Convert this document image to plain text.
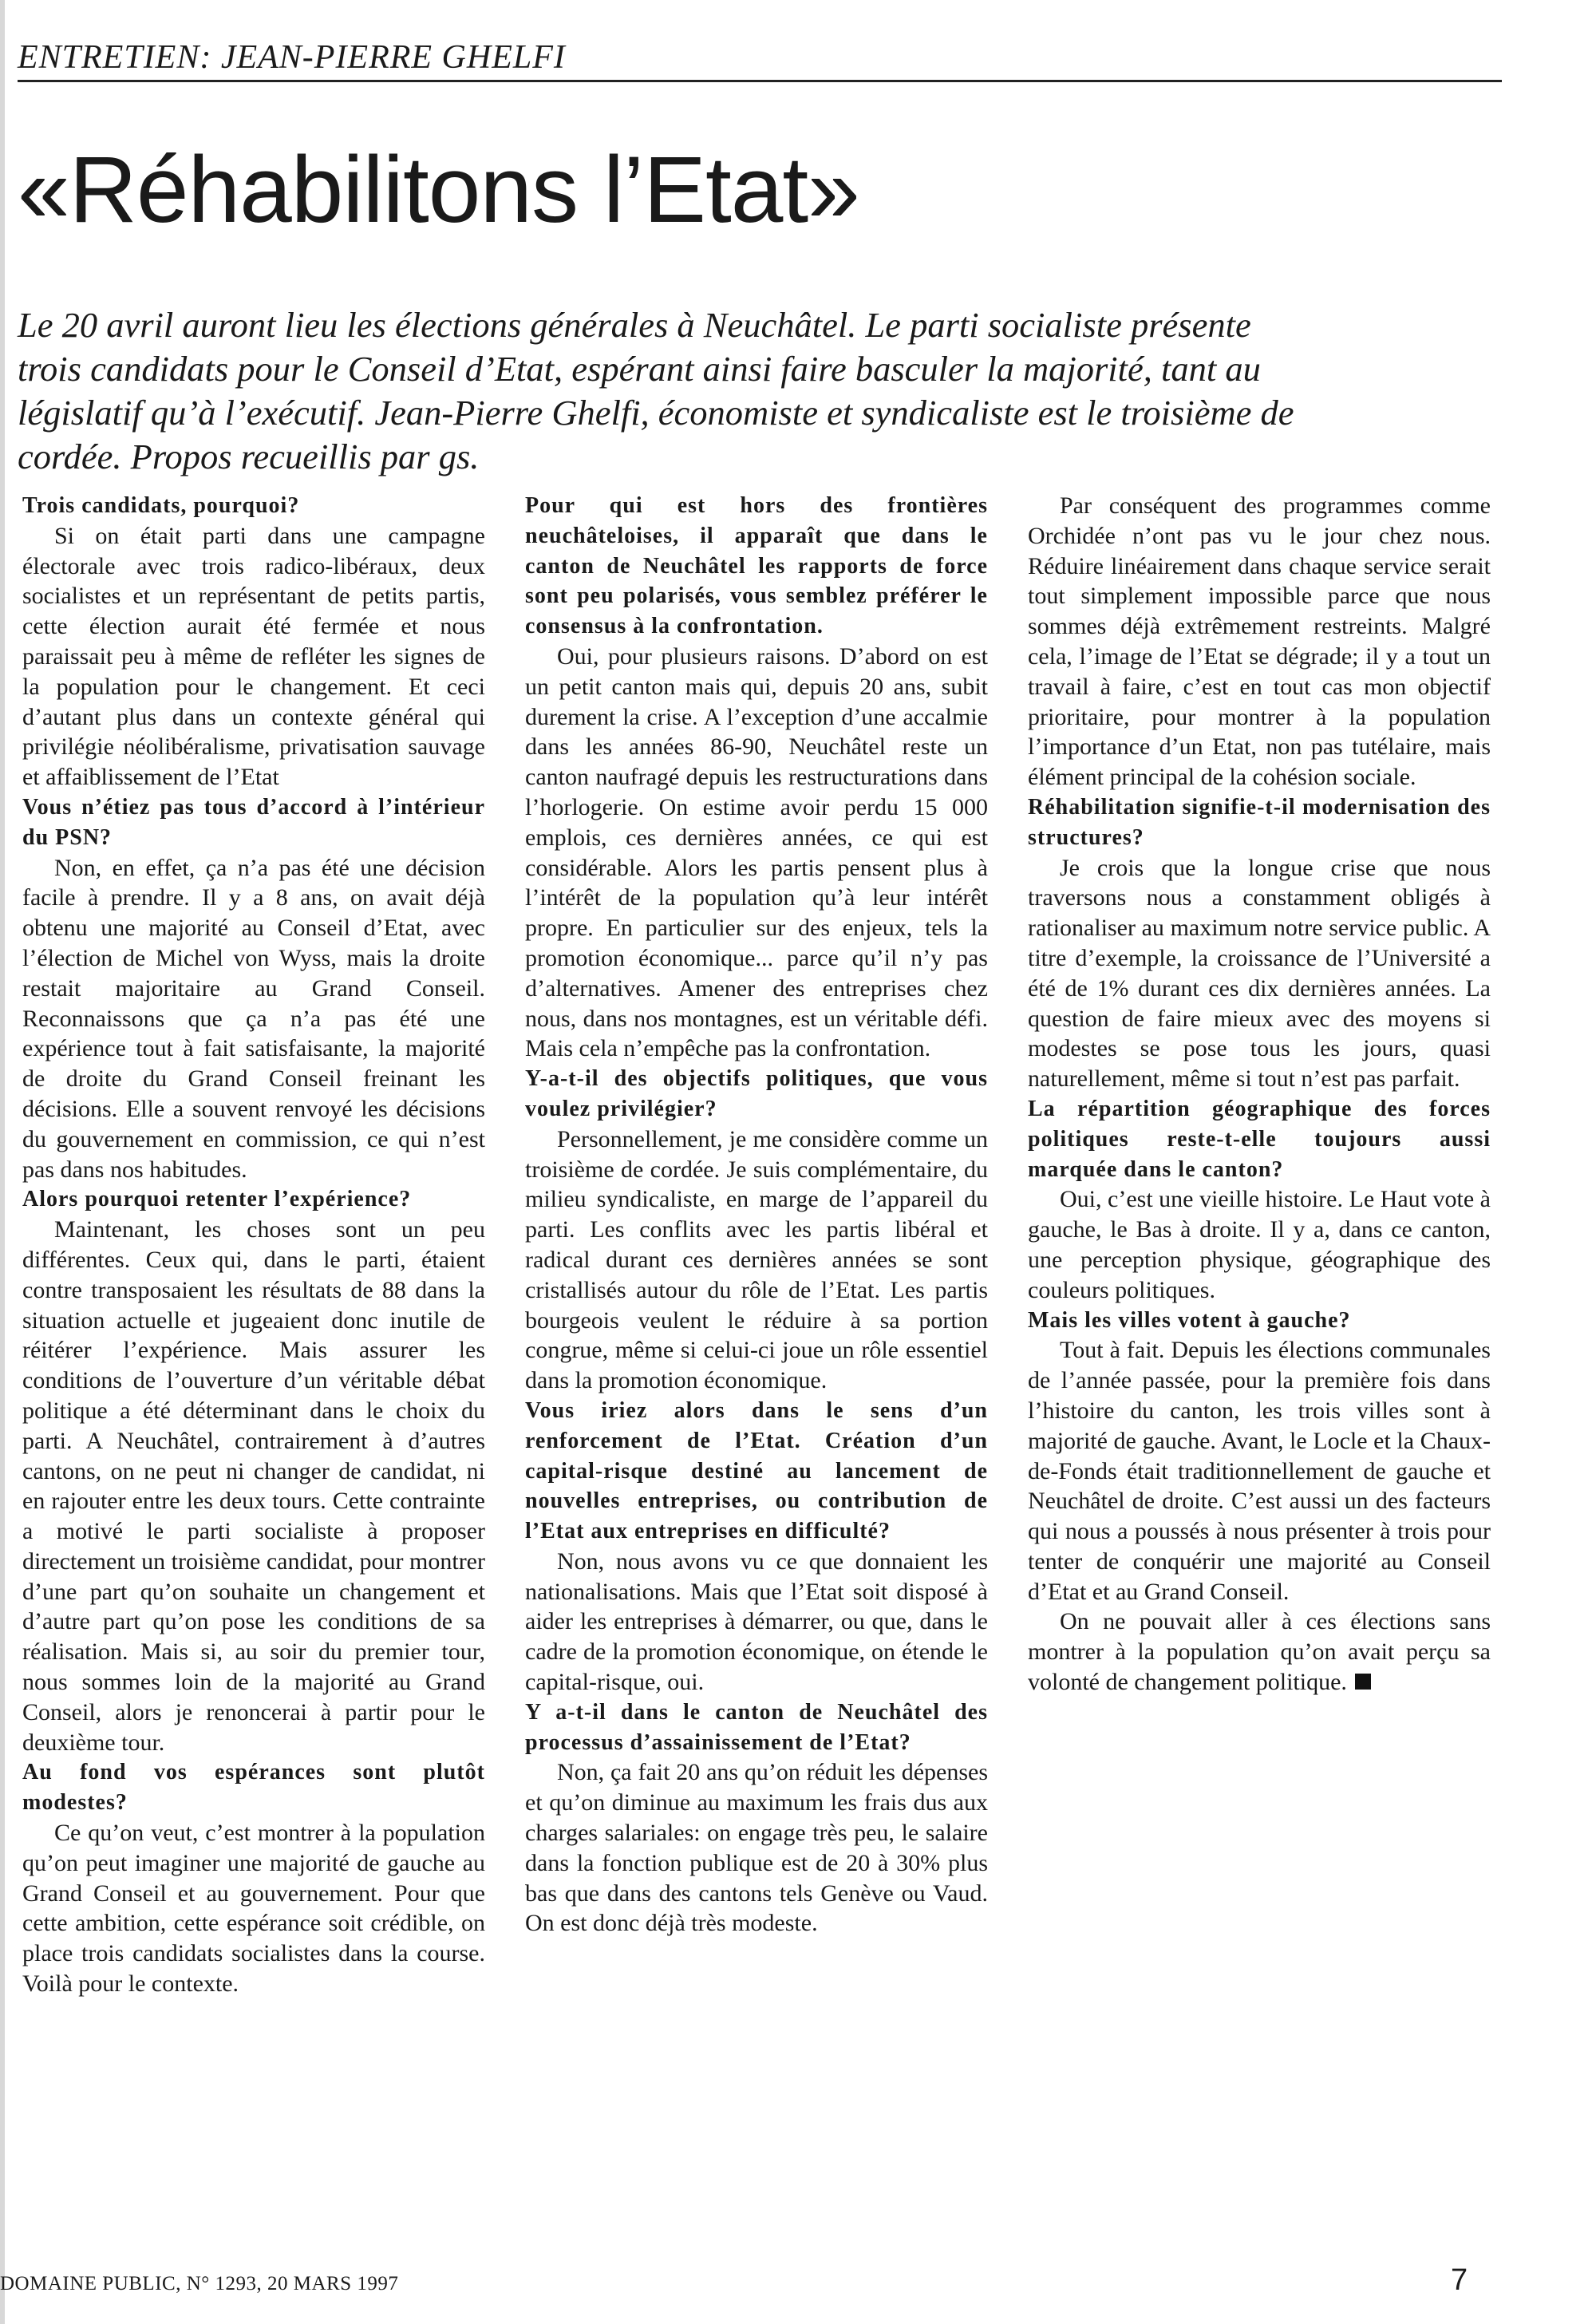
ENTRETIEN: JEAN-PIERRE GHELFI
«Réhabilitons l’Etat»

Le 20 avril auront lieu les élections générales à Neuchâtel. Le parti socialiste présente trois candidats pour le Conseil d’Etat, espérant ainsi faire basculer la majorité, tant au législatif qu’à l’exécutif. Jean-Pierre Ghelfi, économiste et syndicaliste est le troisième de cordée. Propos recueillis par gs.

Trois candidats, pourquoi?

Si on était parti dans une campagne électorale avec trois radico-libéraux, deux socialistes et un représentant de petits partis, cette élection aurait été fermée et nous paraissait peu à même de refléter les signes de la population pour le changement. Et ceci d’autant plus dans un contexte général qui privilégie néolibéralisme, privatisation sauvage et affaiblissement de l’Etat

Vous n’étiez pas tous d’accord à l’intérieur du PSN?

Non, en effet, ça n’a pas été une décision facile à prendre. Il y a 8 ans, on avait déjà obtenu une majorité au Conseil d’Etat, avec l’élection de Michel von Wyss, mais la droite restait majoritaire au Grand Conseil. Reconnaissons que ça n’a pas été une expérience tout à fait satisfaisante, la majorité de droite du Grand Conseil freinant les décisions. Elle a souvent renvoyé les décisions du gouvernement en commission, ce qui n’est pas dans nos habitudes.

Alors pourquoi retenter l’expérience?

Maintenant, les choses sont un peu différentes. Ceux qui, dans le parti, étaient contre transposaient les résultats de 88 dans la situation actuelle et jugeaient donc inutile de réitérer l’expérience. Mais assurer les conditions de l’ouverture d’un véritable débat politique a été déterminant dans le choix du parti. A Neuchâtel, contrairement à d’autres cantons, on ne peut ni changer de candidat, ni en rajouter entre les deux tours. Cette contrainte a motivé le parti socialiste à proposer directement un troisième candidat, pour montrer d’une part qu’on souhaite un changement et d’autre part qu’on pose les conditions de sa réalisation. Mais si, au soir du premier tour, nous sommes loin de la majorité au Grand Conseil, alors je renoncerai à partir pour le deuxième tour.

Au fond vos espérances sont plutôt modestes?

Ce qu’on veut, c’est montrer à la population qu’on peut imaginer une majorité de gauche au Grand Conseil et au gouvernement. Pour que cette ambition, cette espérance soit crédible, on place trois candidats socialistes dans la course. Voilà pour le contexte.

Pour qui est hors des frontières neuchâteloises, il apparaît que dans le canton de Neuchâtel les rapports de force sont peu polarisés, vous semblez préférer le consensus à la confrontation.

Oui, pour plusieurs raisons. D’abord on est un petit canton mais qui, depuis 20 ans, subit durement la crise. A l’exception d’une accalmie dans les années 86-90, Neuchâtel reste un canton naufragé depuis les restructurations dans l’horlogerie. On estime avoir perdu 15 000 emplois, ces dernières années, ce qui est considérable. Alors les partis pensent plus à l’intérêt de la population qu’à leur intérêt propre. En particulier sur des enjeux, tels la promotion économique... parce qu’il n’y pas d’alternatives. Amener des entreprises chez nous, dans nos montagnes, est un véritable défi. Mais cela n’empêche pas la confrontation.

Y-a-t-il des objectifs politiques, que vous voulez privilégier?

Personnellement, je me considère comme un troisième de cordée. Je suis complémentaire, du milieu syndicaliste, en marge de l’appareil du parti. Les conflits avec les partis libéral et radical durant ces dernières années se sont cristallisés autour du rôle de l’Etat. Les partis bourgeois veulent le réduire à sa portion congrue, même si celui-ci joue un rôle essentiel dans la promotion économique.

Vous iriez alors dans le sens d’un renforcement de l’Etat. Création d’un capital-risque destiné au lancement de nouvelles entreprises, ou contribution de l’Etat aux entreprises en difficulté?

Non, nous avons vu ce que donnaient les nationalisations. Mais que l’Etat soit disposé à aider les entreprises à démarrer, ou que, dans le cadre de la promotion économique, on étende le capital-risque, oui.

Y a-t-il dans le canton de Neuchâtel des processus d’assainissement de l’Etat?

Non, ça fait 20 ans qu’on réduit les dépenses et qu’on diminue au maximum les frais dus aux charges salariales: on engage très peu, le salaire dans la fonction publique est de 20 à 30% plus bas que dans des cantons tels Genève ou Vaud. On est donc déjà très modeste.

Par conséquent des programmes comme Orchidée n’ont pas vu le jour chez nous. Réduire linéairement dans chaque service serait tout simplement impossible parce que nous sommes déjà extrêmement restreints. Malgré cela, l’image de l’Etat se dégrade; il y a tout un travail à faire, c’est en tout cas mon objectif prioritaire, pour montrer à la population l’importance d’un Etat, non pas tutélaire, mais élément principal de la cohésion sociale.

Réhabilitation signifie-t-il modernisation des structures?

Je crois que la longue crise que nous traversons nous a constamment obligés à rationaliser au maximum notre service public. A titre d’exemple, la croissance de l’Université a été de 1% durant ces dix dernières années. La question de faire mieux avec des moyens si modestes se pose tous les jours, quasi naturellement, même si tout n’est pas parfait.

La répartition géographique des forces politiques reste-t-elle toujours aussi marquée dans le canton?

Oui, c’est une vieille histoire. Le Haut vote à gauche, le Bas à droite. Il y a, dans ce canton, une perception physique, géographique des couleurs politiques.

Mais les villes votent à gauche?

Tout à fait. Depuis les élections communales de l’année passée, pour la première fois dans l’histoire du canton, les trois villes sont à majorité de gauche. Avant, le Locle et la Chaux-de-Fonds était traditionnellement de gauche et Neuchâtel de droite. C’est aussi un des facteurs qui nous a poussés à nous présenter à trois pour tenter de conquérir une majorité au Conseil d’Etat et au Grand Conseil.

On ne pouvait aller à ces élections sans montrer à la population qu’on avait perçu sa volonté de changement politique.

DOMAINE PUBLIC, N° 1293, 20 MARS 1997	7
